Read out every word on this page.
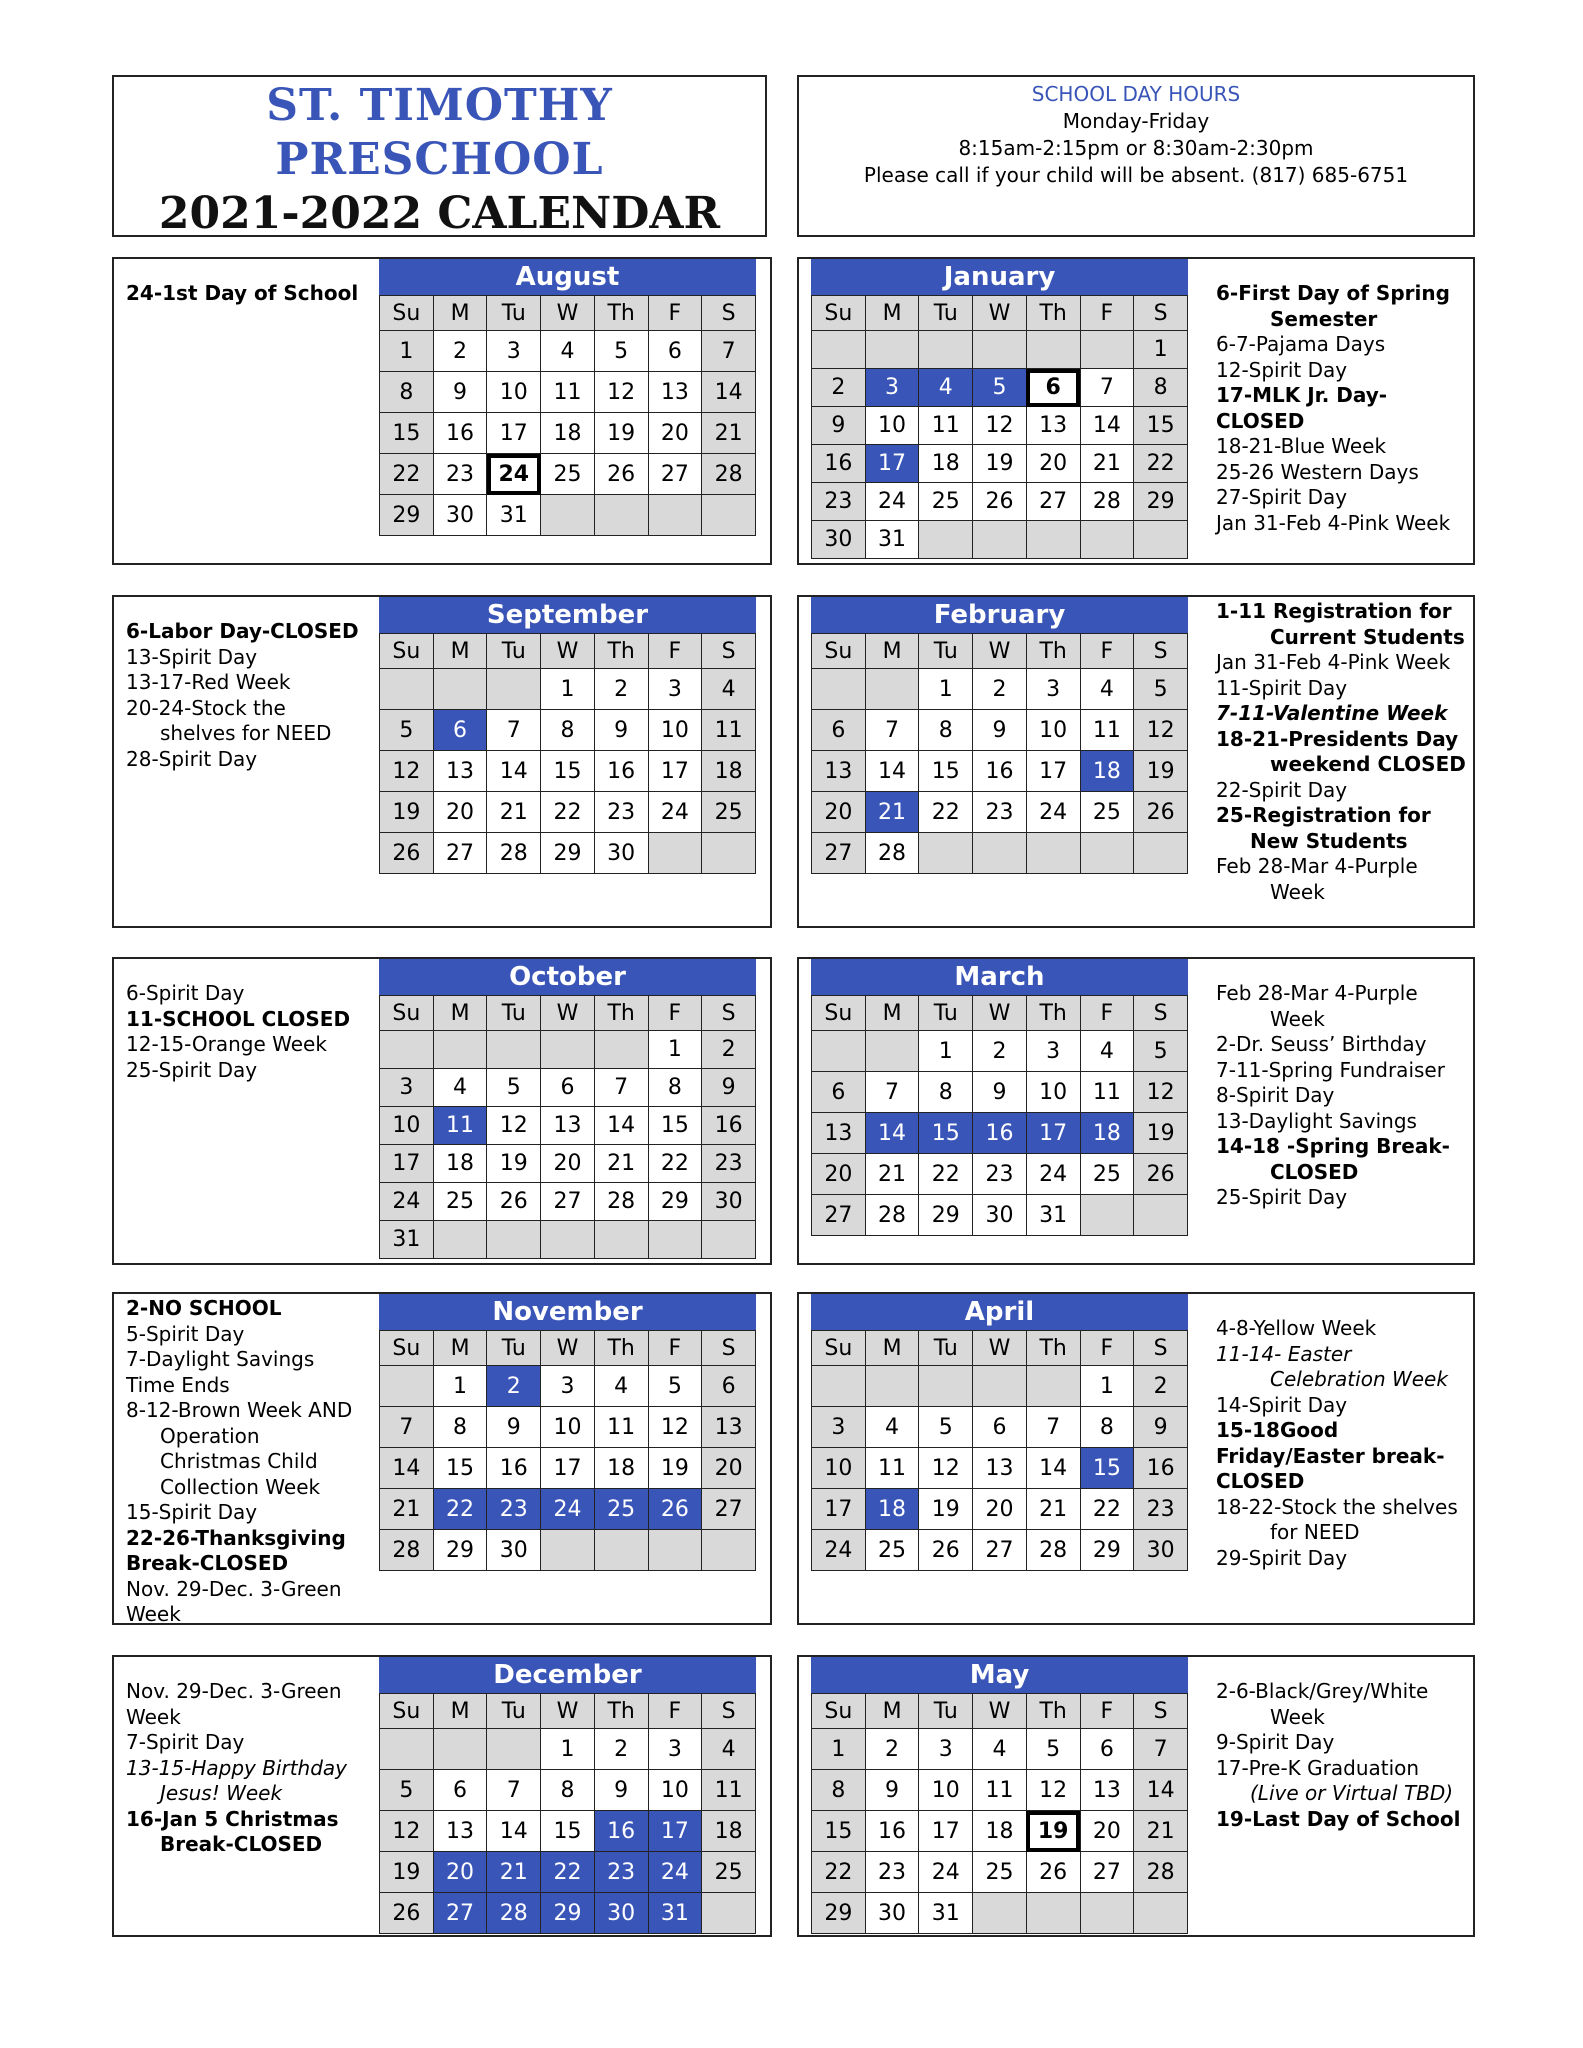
ST. TIMOTHY
PRESCHOOL
2021-2022 CALENDAR
SCHOOL DAY HOURS
Monday-Friday
8:15am-2:15pm or 8:30am-2:30pm
Please call if your child will be absent. (817) 685-6751
August
Su	M	Tu	W	Th	F	S
1	2	3	4	5	6	7
8	9	10	11	12	13	14
15	16	17	18	19	20	21
22	23	24	25	26	27	28
29	30	31				
24-1st Day of School
January
Su	M	Tu	W	Th	F	S
						1
2	3	4	5	6	7	8
9	10	11	12	13	14	15
16	17	18	19	20	21	22
23	24	25	26	27	28	29
30	31					
6-First Day of Spring
Semester
6-7-Pajama Days
12-Spirit Day
17-MLK Jr. Day-
CLOSED
18-21-Blue Week
25-26 Western Days
27-Spirit Day
Jan 31-Feb 4-Pink Week
September
Su	M	Tu	W	Th	F	S
			1	2	3	4
5	6	7	8	9	10	11
12	13	14	15	16	17	18
19	20	21	22	23	24	25
26	27	28	29	30		
6-Labor Day-CLOSED
13-Spirit Day
13-17-Red Week
20-24-Stock the
shelves for NEED
28-Spirit Day
February
Su	M	Tu	W	Th	F	S
		1	2	3	4	5
6	7	8	9	10	11	12
13	14	15	16	17	18	19
20	21	22	23	24	25	26
27	28					
1-11 Registration for
Current Students
Jan 31-Feb 4-Pink Week
11-Spirit Day
7-11-Valentine Week
18-21-Presidents Day
weekend CLOSED
22-Spirit Day
25-Registration for
New Students
Feb 28-Mar 4-Purple
Week
October
Su	M	Tu	W	Th	F	S
					1	2
3	4	5	6	7	8	9
10	11	12	13	14	15	16
17	18	19	20	21	22	23
24	25	26	27	28	29	30
31						
6-Spirit Day
11-SCHOOL CLOSED
12-15-Orange Week
25-Spirit Day
March
Su	M	Tu	W	Th	F	S
		1	2	3	4	5
6	7	8	9	10	11	12
13	14	15	16	17	18	19
20	21	22	23	24	25	26
27	28	29	30	31		
Feb 28-Mar 4-Purple
Week
2-Dr. Seuss’ Birthday
7-11-Spring Fundraiser
8-Spirit Day
13-Daylight Savings
14-18 -Spring Break-
CLOSED
25-Spirit Day
November
Su	M	Tu	W	Th	F	S
	1	2	3	4	5	6
7	8	9	10	11	12	13
14	15	16	17	18	19	20
21	22	23	24	25	26	27
28	29	30				
2-NO SCHOOL
5-Spirit Day
7-Daylight Savings
Time Ends
8-12-Brown Week AND
Operation
Christmas Child
Collection Week
15-Spirit Day
22-26-Thanksgiving
Break-CLOSED
Nov. 29-Dec. 3-Green
Week
April
Su	M	Tu	W	Th	F	S
					1	2
3	4	5	6	7	8	9
10	11	12	13	14	15	16
17	18	19	20	21	22	23
24	25	26	27	28	29	30
4-8-Yellow Week
11-14- Easter
Celebration Week
14-Spirit Day
15-18Good
Friday/Easter break-
CLOSED
18-22-Stock the shelves
for NEED
29-Spirit Day
December
Su	M	Tu	W	Th	F	S
			1	2	3	4
5	6	7	8	9	10	11
12	13	14	15	16	17	18
19	20	21	22	23	24	25
26	27	28	29	30	31	
Nov. 29-Dec. 3-Green
Week
7-Spirit Day
13-15-Happy Birthday
Jesus! Week
16-Jan 5 Christmas
Break-CLOSED
May
Su	M	Tu	W	Th	F	S
1	2	3	4	5	6	7
8	9	10	11	12	13	14
15	16	17	18	19	20	21
22	23	24	25	26	27	28
29	30	31				
2-6-Black/Grey/White
Week
9-Spirit Day
17-Pre-K Graduation
(Live or Virtual TBD)
19-Last Day of School
